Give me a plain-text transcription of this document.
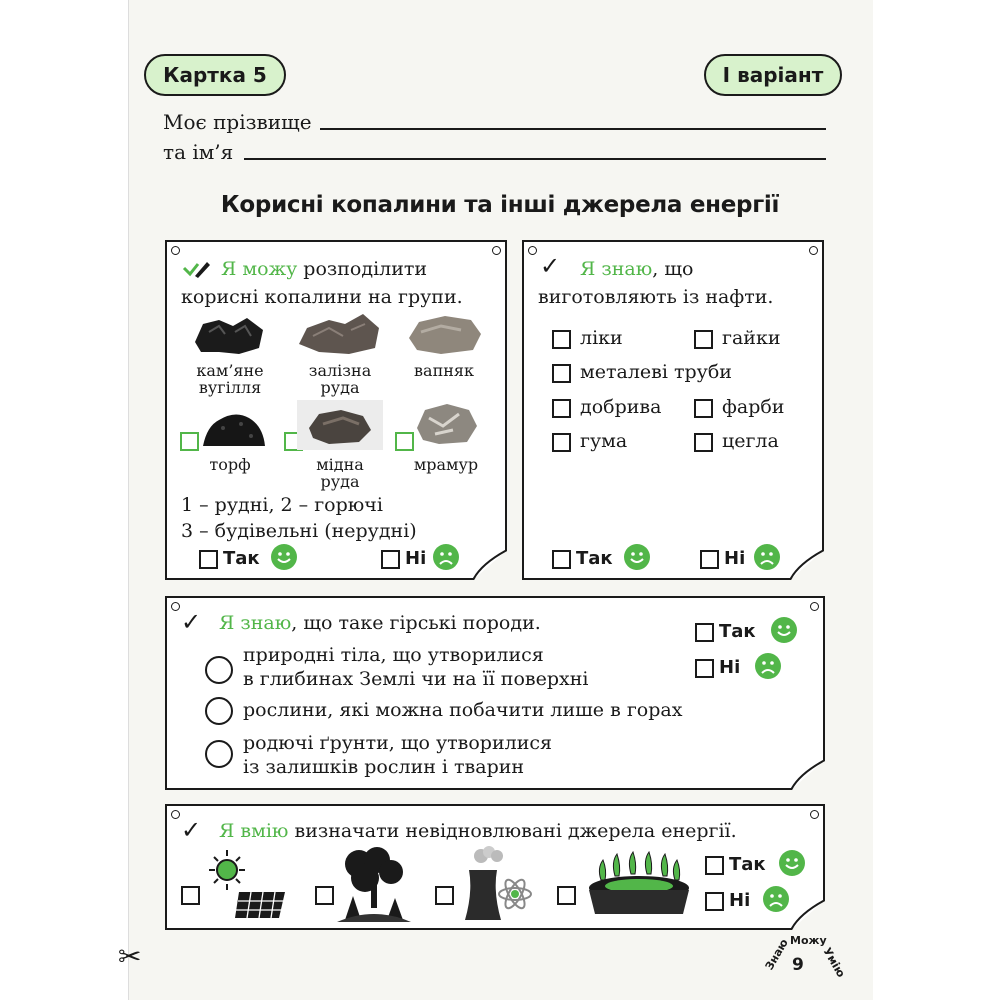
✂
Картка 5	І варіант
Моє прізвище
та ім’я
Корисні копалини та інші джерела енергії
Я можу розподілити
корисні копалини на групи.
кам’яне
вугілля
залізна
руда
вапняк
торф	мідна
руда
мрамур
1 – рудні, 2 – горючі
3 – будівельні (нерудні)
Так	Ні
✓ Я знаю, що
виготовляють із нафти.
ліки	гайки
металеві труби
добрива	фарби
гума	цегла
Так	Ні
✓ Я знаю, що таке гірські породи.
природні тіла, що утворилися
в глибинах Землі чи на її поверхні
рослини, які можна побачити лише в горах
родючі ґрунти, що утворилися
із залишків рослин і тварин
Так
Ні
✓ Я вмію визначати невідновлювані джерела енергії.
Так
Ні
Знаю Можу
Умію
9
